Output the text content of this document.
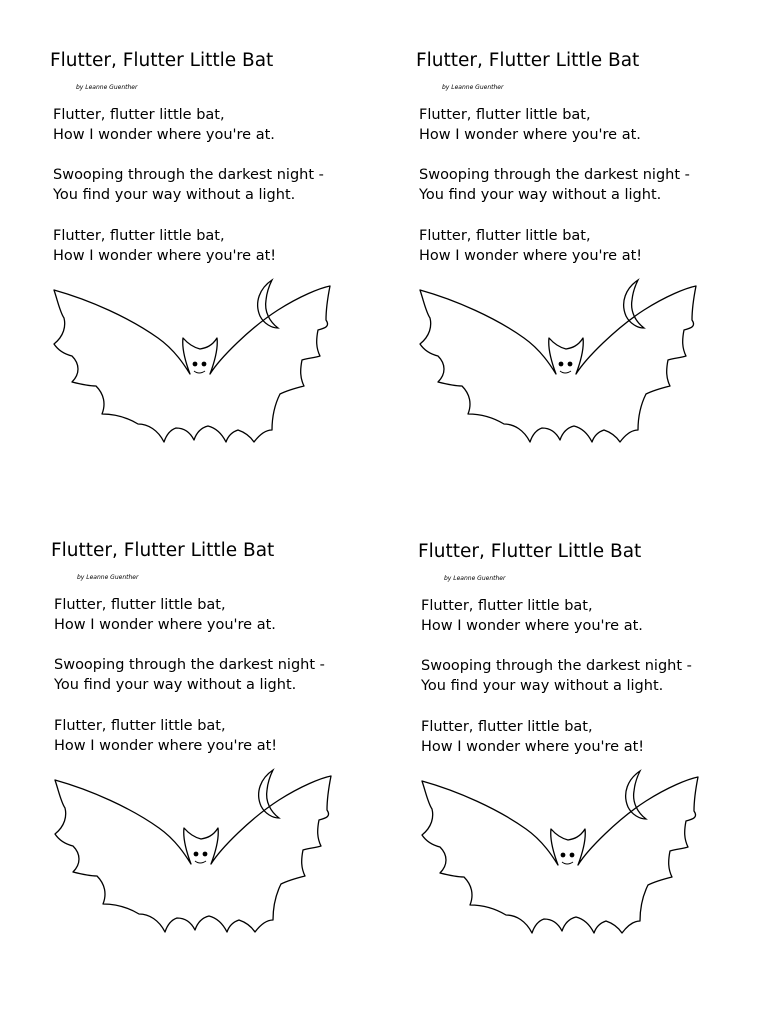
Flutter, Flutter Little Bat
by Leanne Guenther
Flutter, flutter little bat,
How I wonder where you're at.
Swooping through the darkest night -
You find your way without a light.
Flutter, flutter little bat,
How I wonder where you're at!
Flutter, Flutter Little Bat
by Leanne Guenther
Flutter, flutter little bat,
How I wonder where you're at.
Swooping through the darkest night -
You find your way without a light.
Flutter, flutter little bat,
How I wonder where you're at!
Flutter, Flutter Little Bat
by Leanne Guenther
Flutter, flutter little bat,
How I wonder where you're at.
Swooping through the darkest night -
You find your way without a light.
Flutter, flutter little bat,
How I wonder where you're at!
Flutter, Flutter Little Bat
by Leanne Guenther
Flutter, flutter little bat,
How I wonder where you're at.
Swooping through the darkest night -
You find your way without a light.
Flutter, flutter little bat,
How I wonder where you're at!
